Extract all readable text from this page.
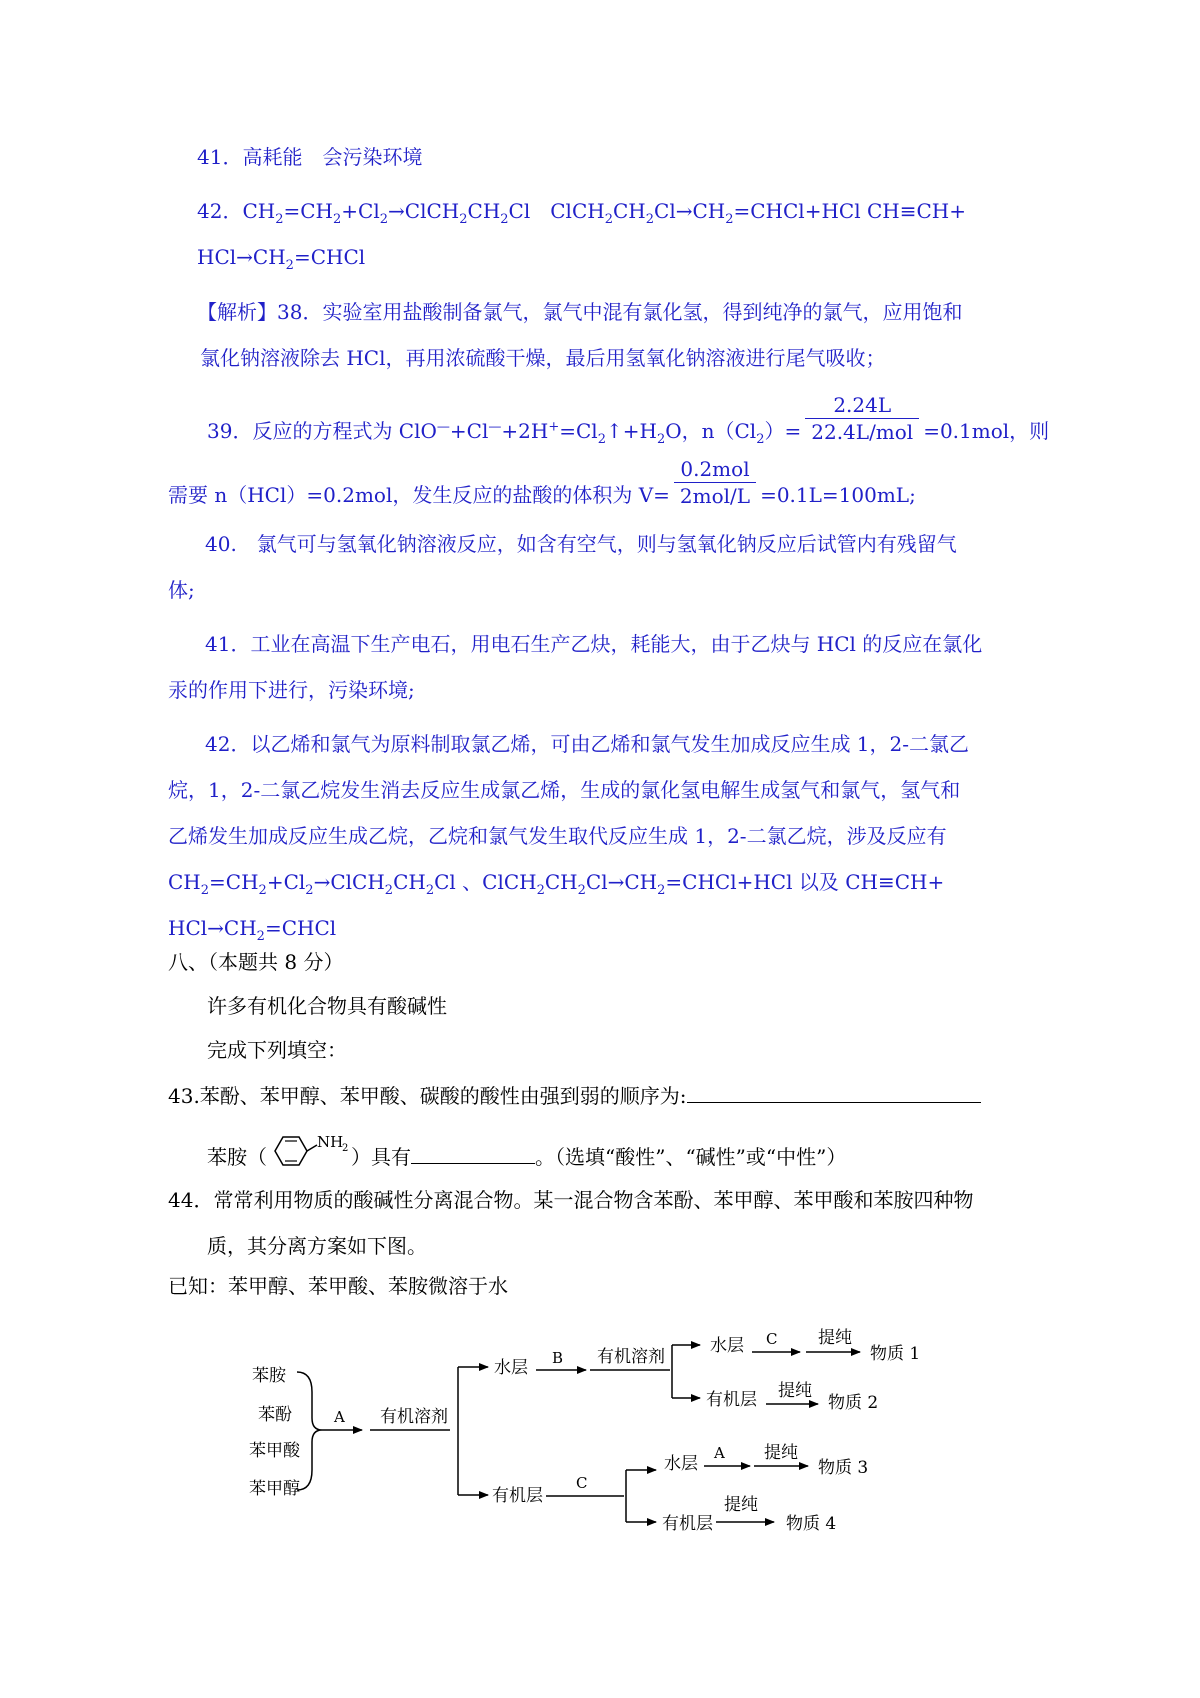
41．高耗能　会污染环境
42．$CH_2=CH_2+Cl_2\to ClCH_2CH_2Cl$　$ClCH_2CH_2Cl\to CH_2=CHCl+HCl$ CH≡CH+
$HCl\to CH_2=CHCl$
【解析】38．实验室用盐酸制备氯气，氯气中混有氯化氢，得到纯净的氯气，应用饱和
氯化钠溶液除去 HCl，再用浓硫酸干燥，最后用氢氧化钠溶液进行尾气吸收；
39．反应的方程式为 $ClO^—+Cl^—+2H^+=Cl_2↑+H_2O$，$n(Cl_2)= \frac{2.24L}{\text{22.4L/mol}} =0.1mol$，则
需要 n（HCl）=0.2mol，发生反应的盐酸的体积为 $V= \frac{\text{0.2mol}}{\text{2mol/L}} =0.1L=100mL$;
40.　氯气可与氢氧化钠溶液反应，如含有空气，则与氢氧化钠反应后试管内有残留气
体;
41．工业在高温下生产电石，用电石生产乙炔，耗能大，由于乙炔与 HCl 的反应在氯化
汞的作用下进行，污染环境;
42．以乙烯和氯气为原料制取氯乙烯，可由乙烯和氯气发生加成反应生成 1，2-二氯乙
烷，1，2-二氯乙烷发生消去反应生成氯乙烯，生成的氯化氢电解生成氢气和氯气，氢气和
乙烯发生加成反应生成乙烷，乙烷和氯气发生取代反应生成 1，2-二氯乙烷，涉及反应有
$CH_2=CH_2+Cl_2\to ClCH_2CH_2Cl$ 、$ClCH_2CH_2Cl\to CH_2=CHCl+HCl$ 以及 CH≡CH+
$HCl\to CH_2=CHCl$
八、（本题共 8 分）
许多有机化合物具有酸碱性
完成下列填空：
43.苯酚、苯甲醇、苯甲酸、碳酸的酸性由强到弱的顺序为:
苯胺（
NH
2 ）具有	。（选填“酸性”、“碱性”或“中性”）
44．常常利用物质的酸碱性分离混合物。某一混合物含苯酚、苯甲醇、苯甲酸和苯胺四种物
质，其分离方案如下图。
已知：苯甲醇、苯甲酸、苯胺微溶于水
苯胺
苯酚
苯甲酸
苯甲醇
A 有机溶剂
水层 B 有机溶剂
水层 C 提纯
物质 1
有机层 提纯
物质 2
有机层
C
水层
A 提纯
物质 3
有机层
提纯
物质 4
